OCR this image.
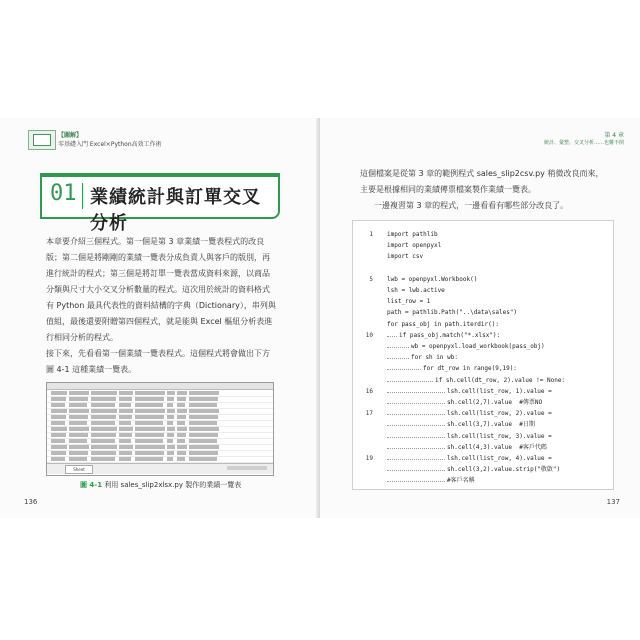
【圖解】
零基礎入門 Excel×Python高效工作術
01 業績統計與訂單交叉分析
本章要介紹三個程式。第一個是第 3 章業績一覽表程式的改良版；第二個是將剛剛的業績一覽表分成負責人與客戶的版別，再進行統計的程式；第三個是將訂單一覽表當成資料來源，以商品分類與尺寸大小交叉分析數量的程式。這次用於統計的資料格式有 Python 最具代表性的資料結構的字典（Dictionary），串列與值組，最後還要附贈第四個程式，就是能與 Excel 樞紐分析表進行相同分析的程式。
接下來，先看看第一個業績一覽表程式。這個程式將會做出下方圖 4-1 這種業績一覽表。
Sheet
圖 4-1 利用 sales_slip2xlsx.py 製作的業績一覽表
136
第 4 章
統計、彙整、交叉分析……也難不倒
137
這個檔案是從第 3 章的範例程式 sales_slip2csv.py 稍微改良而來，主要是根據相同的業績傳票檔案製作業績一覽表。
一邊複習第 3 章的程式，一邊看看有哪些部分改良了。
1 import pathlib
import openpyxl
import csv
5 lwb = openpyxl.Workbook()
lsh = lwb.active
list_row = 1
path = pathlib.Path("..\data\sales")
for pass_obj in path.iterdir():
10	if pass_obj.match("*.xlsx"):
wb = openpyxl.load_workbook(pass_obj)
for sh in wb:
for dt_row in range(9,19):
if sh.cell(dt_row, 2).value != None:
16	lsh.cell(list_row, 1).value =
sh.cell(2,7).value  #傳票NO
17	lsh.cell(list_row, 2).value =
sh.cell(3,7).value  #日期
lsh.cell(list_row, 3).value =
sh.cell(4,3).value  #客戶代碼
19	lsh.cell(list_row, 4).value =
sh.cell(3,2).value.strip("敬啟")
#客戶名稱
